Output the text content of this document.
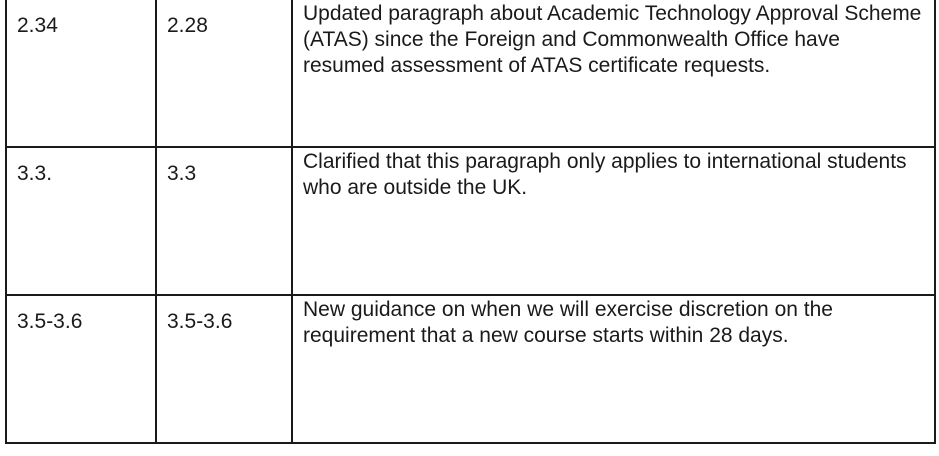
2.34	2.28	Updated paragraph about Academic Technology Approval Scheme (ATAS) since the Foreign and Commonwealth Office have resumed assessment of ATAS certificate requests.

3.3.	3.3	Clarified that this paragraph only applies to international students who are outside the UK.

3.5-3.6	3.5-3.6	New guidance on when we will exercise discretion on the requirement that a new course starts within 28 days.
